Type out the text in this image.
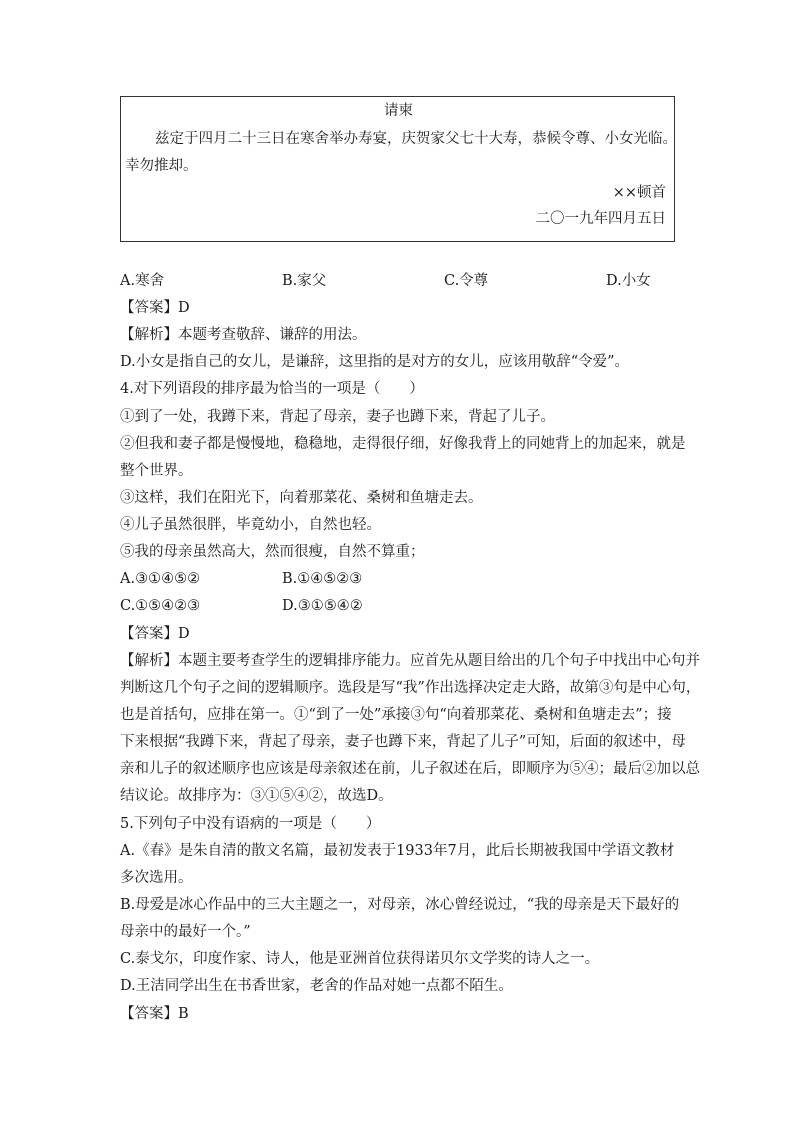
请柬
兹定于四月二十三日在寒舍举办寿宴，庆贺家父七十大寿，恭候令尊、小女光临。
幸勿推却。
××顿首
二〇一九年四月五日
A.寒舍	B.家父	C.令尊	D.小女
【答案】D
【解析】本题考查敬辞、谦辞的用法。
D.小女是指自己的女儿，是谦辞，这里指的是对方的女儿，应该用敬辞“令爱”。
4.对下列语段的排序最为恰当的一项是（　　）
①到了一处，我蹲下来，背起了母亲，妻子也蹲下来，背起了儿子。
②但我和妻子都是慢慢地，稳稳地，走得很仔细，好像我背上的同她背上的加起来，就是
整个世界。
③这样，我们在阳光下，向着那菜花、桑树和鱼塘走去。
④儿子虽然很胖，毕竟幼小，自然也轻。
⑤我的母亲虽然高大，然而很瘦，自然不算重；
A.③①④⑤②	B.①④⑤②③
C.①⑤④②③	D.③①⑤④②
【答案】D
【解析】本题主要考查学生的逻辑排序能力。应首先从题目给出的几个句子中找出中心句并
判断这几个句子之间的逻辑顺序。选段是写“我”作出选择决定走大路，故第③句是中心句，
也是首括句，应排在第一。①“到了一处”承接③句“向着那菜花、桑树和鱼塘走去”；接
下来根据“我蹲下来，背起了母亲，妻子也蹲下来，背起了儿子”可知，后面的叙述中，母
亲和儿子的叙述顺序也应该是母亲叙述在前，儿子叙述在后，即顺序为⑤④；最后②加以总
结议论。故排序为：③①⑤④②，故选D。
5.下列句子中没有语病的一项是（　　）
A.《春》是朱自清的散文名篇，最初发表于1933年7月，此后长期被我国中学语文教材
多次选用。
B.母爱是冰心作品中的三大主题之一，对母亲，冰心曾经说过，“我的母亲是天下最好的
母亲中的最好一个。”
C.泰戈尔，印度作家、诗人，他是亚洲首位获得诺贝尔文学奖的诗人之一。
D.王洁同学出生在书香世家，老舍的作品对她一点都不陌生。
【答案】B
